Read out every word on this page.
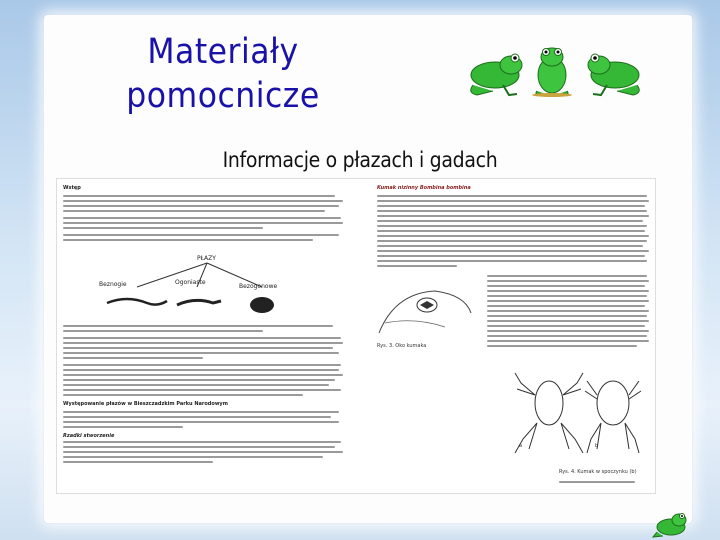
Materiały
pomocnicze
Informacje o płazach i gadach
Wstęp
PŁAZY
Beznogie	Ogoniaste
Bezogonowe
Występowanie płazów w Bieszczadzkim Parku Narodowym
Rzadki stworzenie
Kumak nizinny Bombina bombina
Rys. 3. Oko kumaka
a	b
Rys. 4. Kumak w spoczynku (b)
